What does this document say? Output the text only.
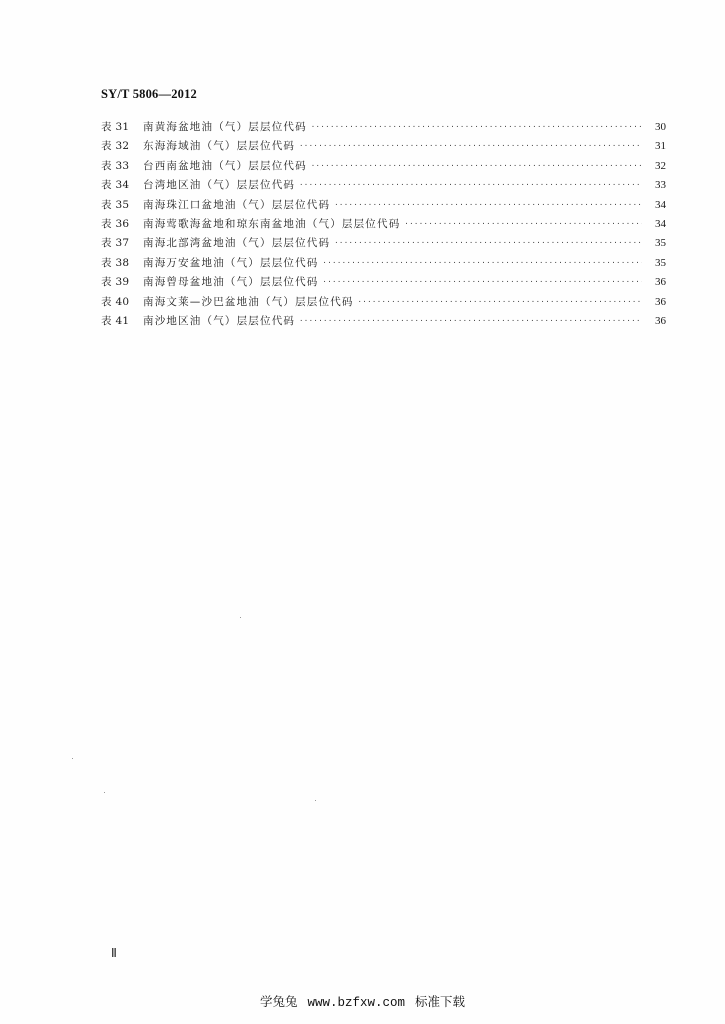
SY/T 5806—2012
表 31	南黄海盆地油（气）层层位代码 ·····	30
表 32	东海海域油（气）层层位代码 ·····	31
表 33	台西南盆地油（气）层层位代码 ·····	32
表 34	台湾地区油（气）层层位代码 ·····	33
表 35	南海珠江口盆地油（气）层层位代码 ·····	34
表 36	南海莺歌海盆地和琼东南盆地油（气）层层位代码 ·····	34
表 37	南海北部湾盆地油（气）层层位代码 ·····	35
表 38	南海万安盆地油（气）层层位代码 ·····	35
表 39	南海曾母盆地油（气）层层位代码 ·····	36
表 40	南海文莱—沙巴盆地油（气）层层位代码 ·····	36
表 41	南沙地区油（气）层层位代码 ·····	36
Ⅱ
学兔兔 www.bzfxw.com 标准下载
